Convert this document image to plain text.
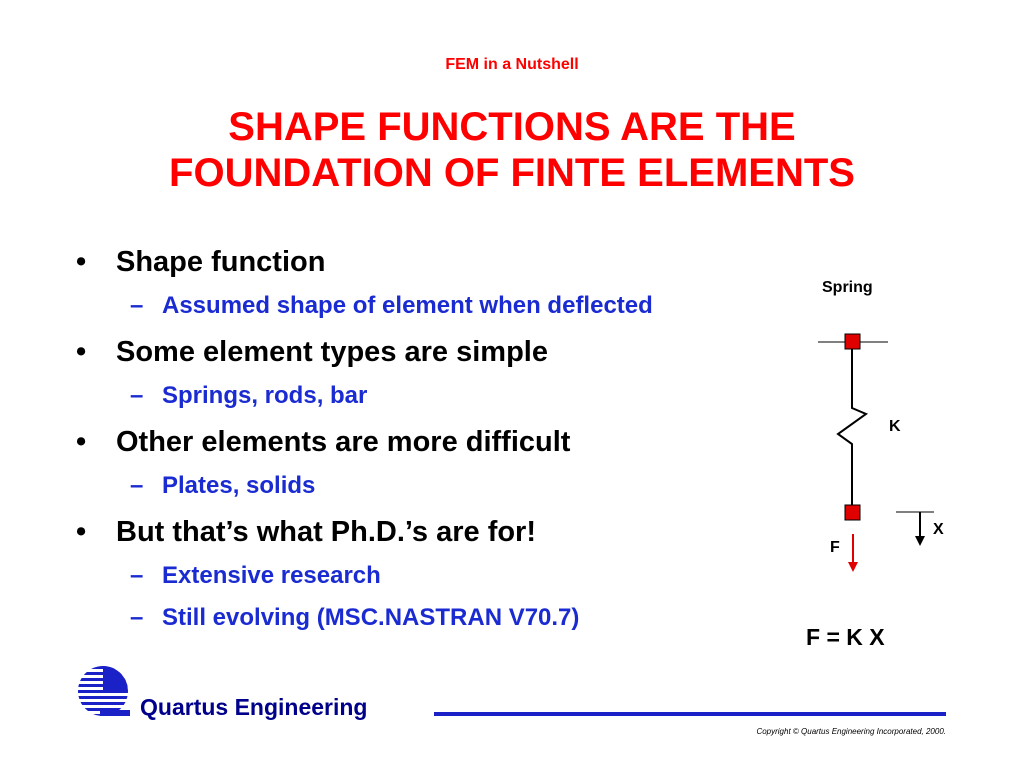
FEM in a Nutshell
SHAPE FUNCTIONS ARE THE
FOUNDATION OF FINTE ELEMENTS
• Shape function
– Assumed shape of element when deflected
• Some element types are simple
– Springs, rods, bar
• Other elements are more difficult
– Plates, solids
• But that’s what Ph.D.’s are for!
– Extensive research
– Still evolving (MSC.NASTRAN V70.7)
Spring
K
X
F
F = K X
Quartus Engineering
Copyright © Quartus Engineering Incorporated, 2000.
